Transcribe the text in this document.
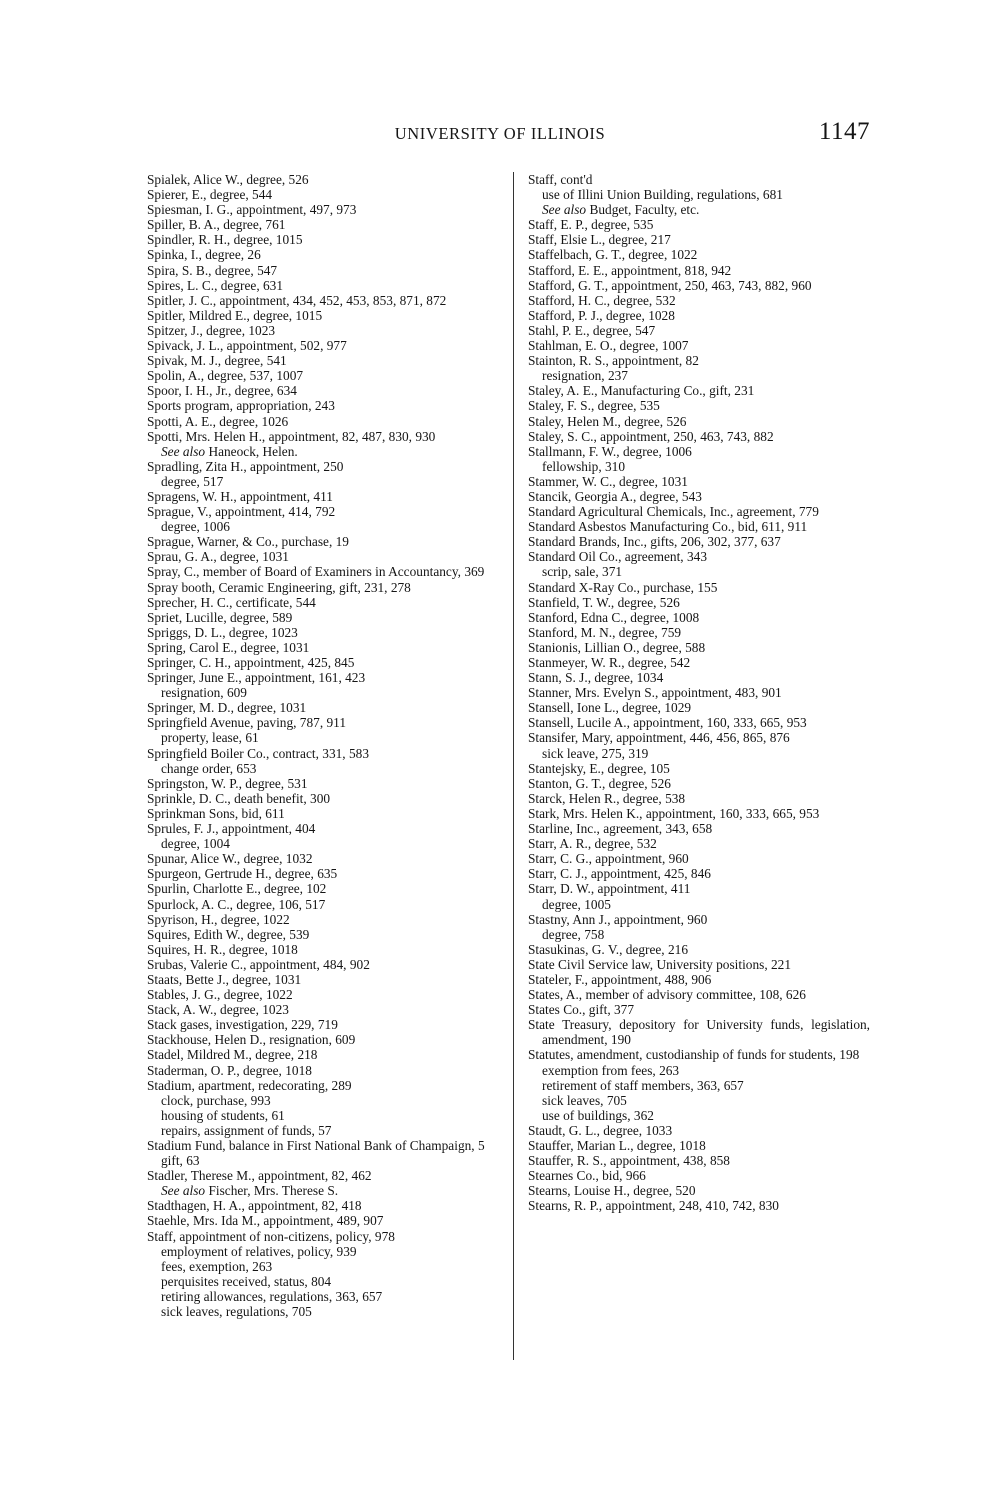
UNIVERSITY OF ILLINOIS	1147
Spialek, Alice W., degree, 526
Spierer, E., degree, 544
Spiesman, I. G., appointment, 497, 973
Spiller, B. A., degree, 761
Spindler, R. H., degree, 1015
Spinka, I., degree, 26
Spira, S. B., degree, 547
Spires, L. C., degree, 631
Spitler, J. C., appointment, 434, 452, 453, 853, 871, 872
Spitler, Mildred E., degree, 1015
Spitzer, J., degree, 1023
Spivack, J. L., appointment, 502, 977
Spivak, M. J., degree, 541
Spolin, A., degree, 537, 1007
Spoor, I. H., Jr., degree, 634
Sports program, appropriation, 243
Spotti, A. E., degree, 1026
Spotti, Mrs. Helen H., appointment, 82, 487, 830, 930
See also Haneock, Helen.
Spradling, Zita H., appointment, 250
degree, 517
Spragens, W. H., appointment, 411
Sprague, V., appointment, 414, 792
degree, 1006
Sprague, Warner, & Co., purchase, 19
Sprau, G. A., degree, 1031
Spray, C., member of Board of Examiners in Accountancy, 369
Spray booth, Ceramic Engineering, gift, 231, 278
Sprecher, H. C., certificate, 544
Spriet, Lucille, degree, 589
Spriggs, D. L., degree, 1023
Spring, Carol E., degree, 1031
Springer, C. H., appointment, 425, 845
Springer, June E., appointment, 161, 423
resignation, 609
Springer, M. D., degree, 1031
Springfield Avenue, paving, 787, 911
property, lease, 61
Springfield Boiler Co., contract, 331, 583
change order, 653
Springston, W. P., degree, 531
Sprinkle, D. C., death benefit, 300
Sprinkman Sons, bid, 611
Sprules, F. J., appointment, 404
degree, 1004
Spunar, Alice W., degree, 1032
Spurgeon, Gertrude H., degree, 635
Spurlin, Charlotte E., degree, 102
Spurlock, A. C., degree, 106, 517
Spyrison, H., degree, 1022
Squires, Edith W., degree, 539
Squires, H. R., degree, 1018
Srubas, Valerie C., appointment, 484, 902
Staats, Bette J., degree, 1031
Stables, J. G., degree, 1022
Stack, A. W., degree, 1023
Stack gases, investigation, 229, 719
Stackhouse, Helen D., resignation, 609
Stadel, Mildred M., degree, 218
Staderman, O. P., degree, 1018
Stadium, apartment, redecorating, 289
clock, purchase, 993
housing of students, 61
repairs, assignment of funds, 57
Stadium Fund, balance in First National Bank of Champaign, 5
gift, 63
Stadler, Therese M., appointment, 82, 462
See also Fischer, Mrs. Therese S.
Stadthagen, H. A., appointment, 82, 418
Staehle, Mrs. Ida M., appointment, 489, 907
Staff, appointment of non-citizens, policy, 978
employment of relatives, policy, 939
fees, exemption, 263
perquisites received, status, 804
retiring allowances, regulations, 363, 657
sick leaves, regulations, 705
Staff, cont'd
use of Illini Union Building, regulations, 681
See also Budget, Faculty, etc.
Staff, E. P., degree, 535
Staff, Elsie L., degree, 217
Staffelbach, G. T., degree, 1022
Stafford, E. E., appointment, 818, 942
Stafford, G. T., appointment, 250, 463, 743, 882, 960
Stafford, H. C., degree, 532
Stafford, P. J., degree, 1028
Stahl, P. E., degree, 547
Stahlman, E. O., degree, 1007
Stainton, R. S., appointment, 82
resignation, 237
Staley, A. E., Manufacturing Co., gift, 231
Staley, F. S., degree, 535
Staley, Helen M., degree, 526
Staley, S. C., appointment, 250, 463, 743, 882
Stallmann, F. W., degree, 1006
fellowship, 310
Stammer, W. C., degree, 1031
Stancik, Georgia A., degree, 543
Standard Agricultural Chemicals, Inc., agreement, 779
Standard Asbestos Manufacturing Co., bid, 611, 911
Standard Brands, Inc., gifts, 206, 302, 377, 637
Standard Oil Co., agreement, 343
scrip, sale, 371
Standard X-Ray Co., purchase, 155
Stanfield, T. W., degree, 526
Stanford, Edna C., degree, 1008
Stanford, M. N., degree, 759
Stanionis, Lillian O., degree, 588
Stanmeyer, W. R., degree, 542
Stann, S. J., degree, 1034
Stanner, Mrs. Evelyn S., appointment, 483, 901
Stansell, Ione L., degree, 1029
Stansell, Lucile A., appointment, 160, 333, 665, 953
Stansifer, Mary, appointment, 446, 456, 865, 876
sick leave, 275, 319
Stantejsky, E., degree, 105
Stanton, G. T., degree, 526
Starck, Helen R., degree, 538
Stark, Mrs. Helen K., appointment, 160, 333, 665, 953
Starline, Inc., agreement, 343, 658
Starr, A. R., degree, 532
Starr, C. G., appointment, 960
Starr, C. J., appointment, 425, 846
Starr, D. W., appointment, 411
degree, 1005
Stastny, Ann J., appointment, 960
degree, 758
Stasukinas, G. V., degree, 216
State Civil Service law, University positions, 221
Stateler, F., appointment, 488, 906
States, A., member of advisory committee, 108, 626
States Co., gift, 377
State Treasury, depository for University funds, legislation, amendment, 190
Statutes, amendment, custodianship of funds for students, 198
exemption from fees, 263
retirement of staff members, 363, 657
sick leaves, 705
use of buildings, 362
Staudt, G. L., degree, 1033
Stauffer, Marian L., degree, 1018
Stauffer, R. S., appointment, 438, 858
Stearnes Co., bid, 966
Stearns, Louise H., degree, 520
Stearns, R. P., appointment, 248, 410, 742, 830
